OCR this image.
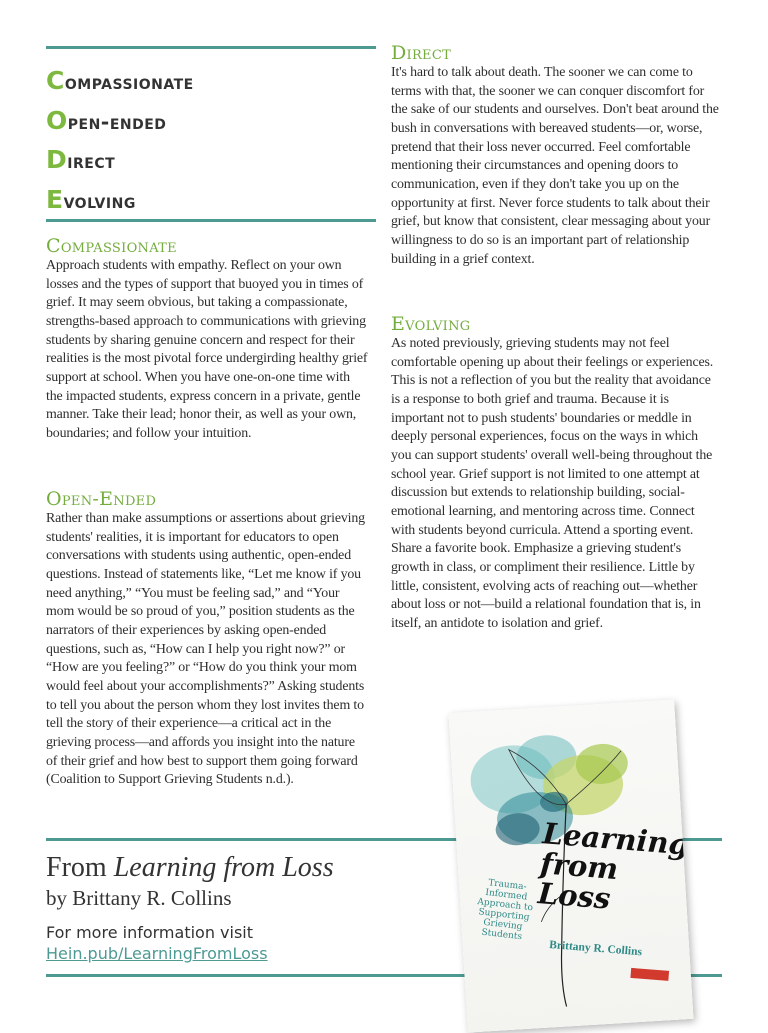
Compassionate
Open-ended
Direct
Evolving
Compassionate

Approach students with empathy. Reflect on your own losses and the types of support that buoyed you in times of grief. It may seem obvious, but taking a compassionate, strengths-based approach to communications with grieving students by sharing genuine concern and respect for their realities is the most pivotal force undergirding healthy grief support at school. When you have one-on-one time with the impacted students, express concern in a private, gentle manner. Take their lead; honor their, as well as your own, boundaries; and follow your intuition.

Open-Ended

Rather than make assumptions or assertions about grieving students' realities, it is important for educators to open conversations with students using authentic, open-ended questions. Instead of statements like, “Let me know if you need anything,” “You must be feeling sad,” and “Your mom would be so proud of you,” position students as the narrators of their experiences by asking open-ended questions, such as, “How can I help you right now?” or “How are you feeling?” or “How do you think your mom would feel about your accomplishments?” Asking students to tell you about the person whom they lost invites them to tell the story of their experience—a critical act in the grieving process—and affords you insight into the nature of their grief and how best to support them going forward (Coalition to Support Grieving Students n.d.).

Direct

It's hard to talk about death. The sooner we can come to terms with that, the sooner we can conquer discomfort for the sake of our students and ourselves. Don't beat around the bush in conversations with bereaved students—or, worse, pretend that their loss never occurred. Feel comfortable mentioning their circumstances and opening doors to communication, even if they don't take you up on the opportunity at first. Never force students to talk about their grief, but know that consistent, clear messaging about your willingness to do so is an important part of relationship building in a grief context.

Evolving

As noted previously, grieving students may not feel comfortable opening up about their feelings or experiences. This is not a reflection of you but the reality that avoidance is a response to both grief and trauma. Because it is important not to push students' boundaries or meddle in deeply personal experiences, focus on the ways in which you can support students' overall well-being throughout the school year. Grief support is not limited to one attempt at discussion but extends to relationship building, social-emotional learning, and mentoring across time. Connect with students beyond curricula. Attend a sporting event. Share a favorite book. Emphasize a grieving student's growth in class, or compliment their resilience. Little by little, consistent, evolving acts of reaching out—whether about loss or not—build a relational foundation that is, in itself, an antidote to isolation and grief.

From Learning from Loss
by Brittany R. Collins
For more information visit
Hein.pub/LearningFromLoss
Learning
from
Loss
Trauma-Informed Approach to Supporting Grieving Students
Brittany R. Collins
